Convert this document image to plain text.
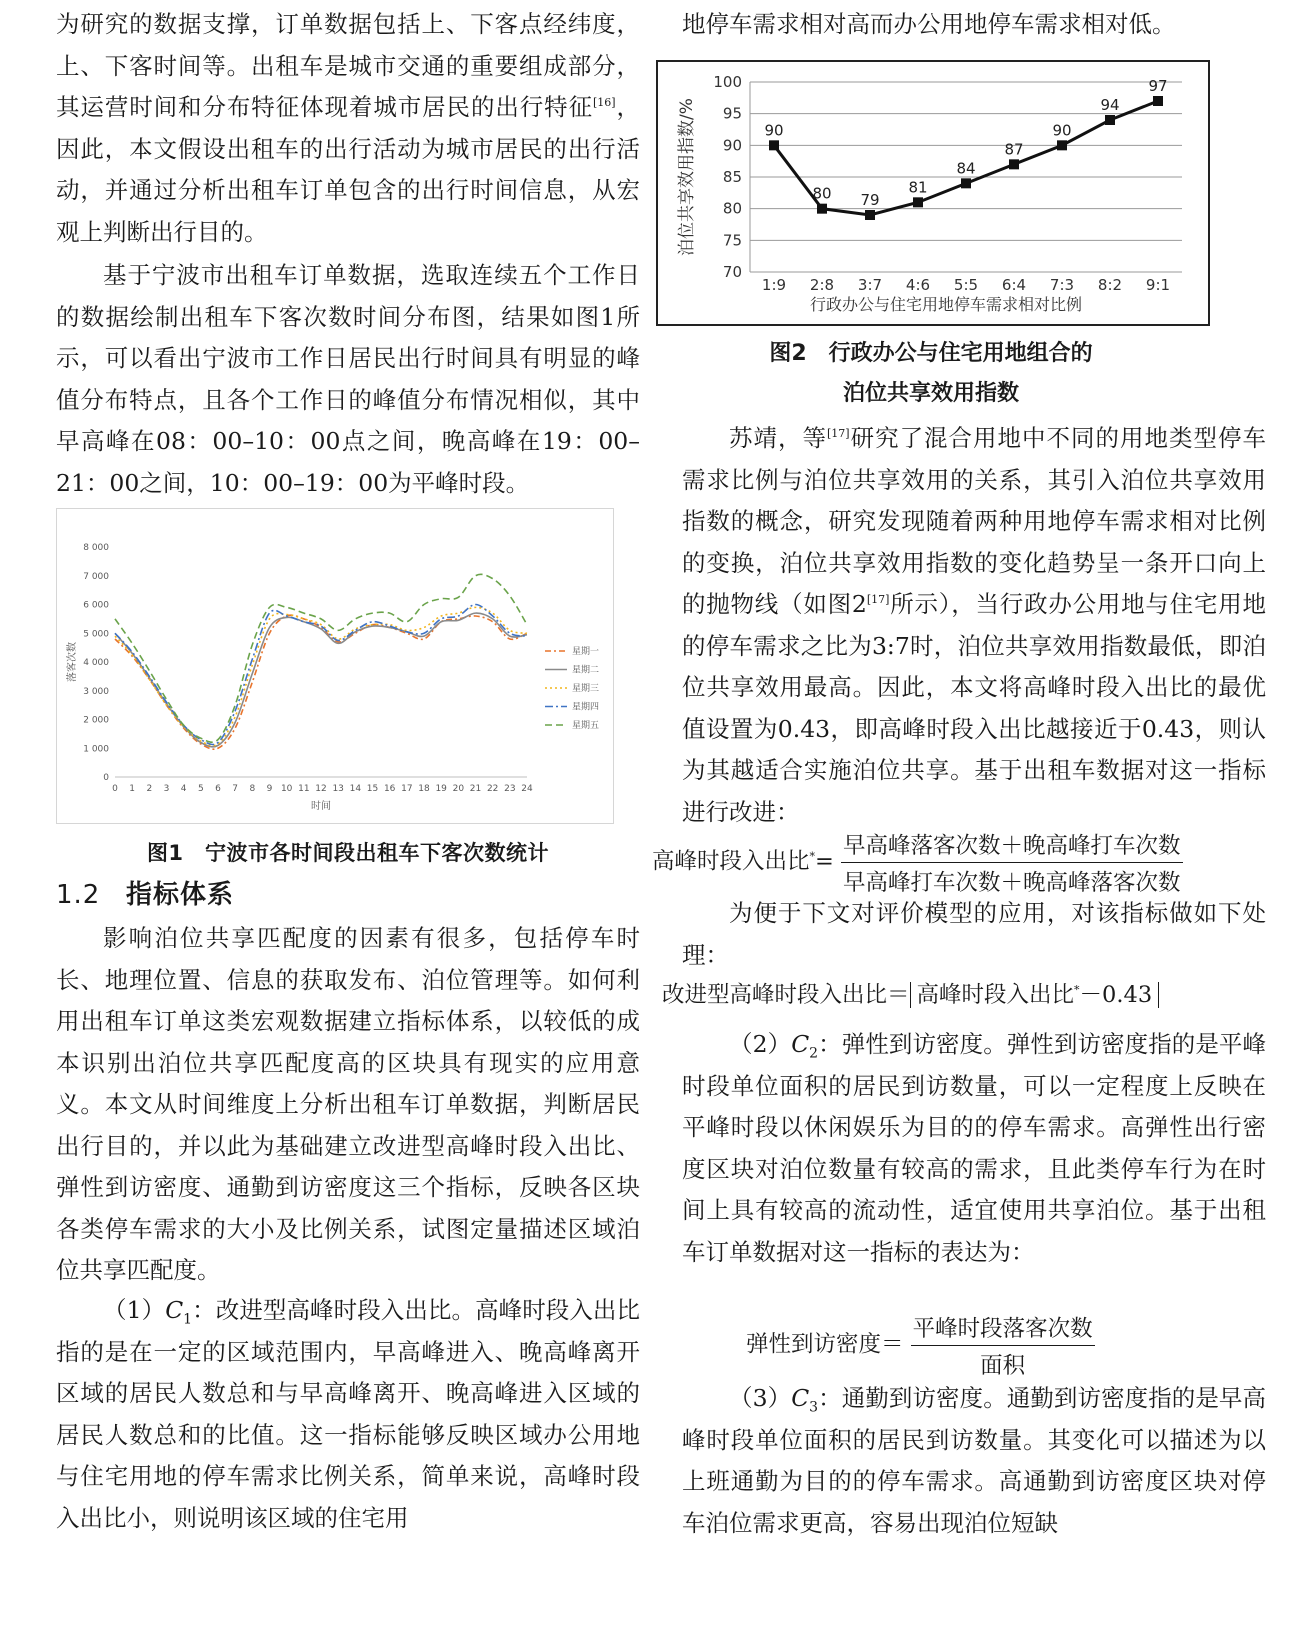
为研究的数据支撑，订单数据包括上、下客点经纬度，上、下客时间等。出租车是城市交通的重要组成部分，其运营时间和分布特征体现着城市居民的出行特征[16]，因此，本文假设出租车的出行活动为城市居民的出行活动，并通过分析出租车订单包含的出行时间信息，从宏观上判断出行目的。

基于宁波市出租车订单数据，选取连续五个工作日的数据绘制出租车下客次数时间分布图，结果如图1所示，可以看出宁波市工作日居民出行时间具有明显的峰值分布特点，且各个工作日的峰值分布情况相似，其中早高峰在08：00–10：00点之间，晚高峰在19：00–21：00之间，10：00–19：00为平峰时段。

0
1 000
2 000
3 000
4 000
5 000
6 000
7 000
8 000
0 1 2 3 4 5 6 7 8 9 10 11 12 13 14 15 16 17 18 19 20 21 22 23 24
时间
落客次数	星期一
星期二
星期三
星期四
星期五

图1　宁波市各时间段出租车下客次数统计

1.2 指标体系

影响泊位共享匹配度的因素有很多，包括停车时长、地理位置、信息的获取发布、泊位管理等。如何利用出租车订单这类宏观数据建立指标体系，以较低的成本识别出泊位共享匹配度高的区块具有现实的应用意义。本文从时间维度上分析出租车订单数据，判断居民出行目的，并以此为基础建立改进型高峰时段入出比、弹性到访密度、通勤到访密度这三个指标，反映各区块各类停车需求的大小及比例关系，试图定量描述区域泊位共享匹配度。

$(1)C_1$：改进型高峰时段入出比。高峰时段入出比指的是在一定的区域范围内，早高峰进入、晚高峰离开区域的居民人数总和与早高峰离开、晚高峰进入区域的居民人数总和的比值。这一指标能够反映区域办公用地与住宅用地的停车需求比例关系，简单来说，高峰时段入出比小，则说明该区域的住宅用

地停车需求相对高而办公用地停车需求相对低。

70
75
80
85
90
95
100
1:9 2:8 3:7 4:6 5:5 6:4 7:3 8:2 9:1
行政办公与住宅用地停车需求相对比例
泊位共享效用指数/%	90
80 79
81
84
87
90
94
97

图2　行政办公与住宅用地组合的

泊位共享效用指数

苏靖，等[17]研究了混合用地中不同的用地类型停车需求比例与泊位共享效用的关系，其引入泊位共享效用指数的概念，研究发现随着两种用地停车需求相对比例的变换，泊位共享效用指数的变化趋势呈一条开口向上的抛物线（如图2[17]所示），当行政办公用地与住宅用地的停车需求之比为3:7时，泊位共享效用指数最低，即泊位共享效用最高。因此，本文将高峰时段入出比的最优值设置为0.43，即高峰时段入出比越接近于0.43，则认为其越适合实施泊位共享。基于出租车数据对这一指标进行改进：

高峰时段入出比$^*= \frac{\text{早高峰落客次数＋晚高峰打车次数}}{\text{早高峰打车次数＋晚高峰落客次数}}$

为便于下文对评价模型的应用，对该指标做如下处理：

改进型高峰时段入出比＝ 高峰时段入出比*－0.43

$(2)C_2$：弹性到访密度。弹性到访密度指的是平峰时段单位面积的居民到访数量，可以一定程度上反映在平峰时段以休闲娱乐为目的的停车需求。高弹性出行密度区块对泊位数量有较高的需求，且此类停车行为在时间上具有较高的流动性，适宜使用共享泊位。基于出租车订单数据对这一指标的表达为：

弹性到访密度＝ $\frac{\text{平峰时段落客次数}}{\text{面积}}$

$(3)C_3$：通勤到访密度。通勤到访密度指的是早高峰时段单位面积的居民到访数量。其变化可以描述为以上班通勤为目的的停车需求。高通勤到访密度区块对停车泊位需求更高，容易出现泊位短缺
